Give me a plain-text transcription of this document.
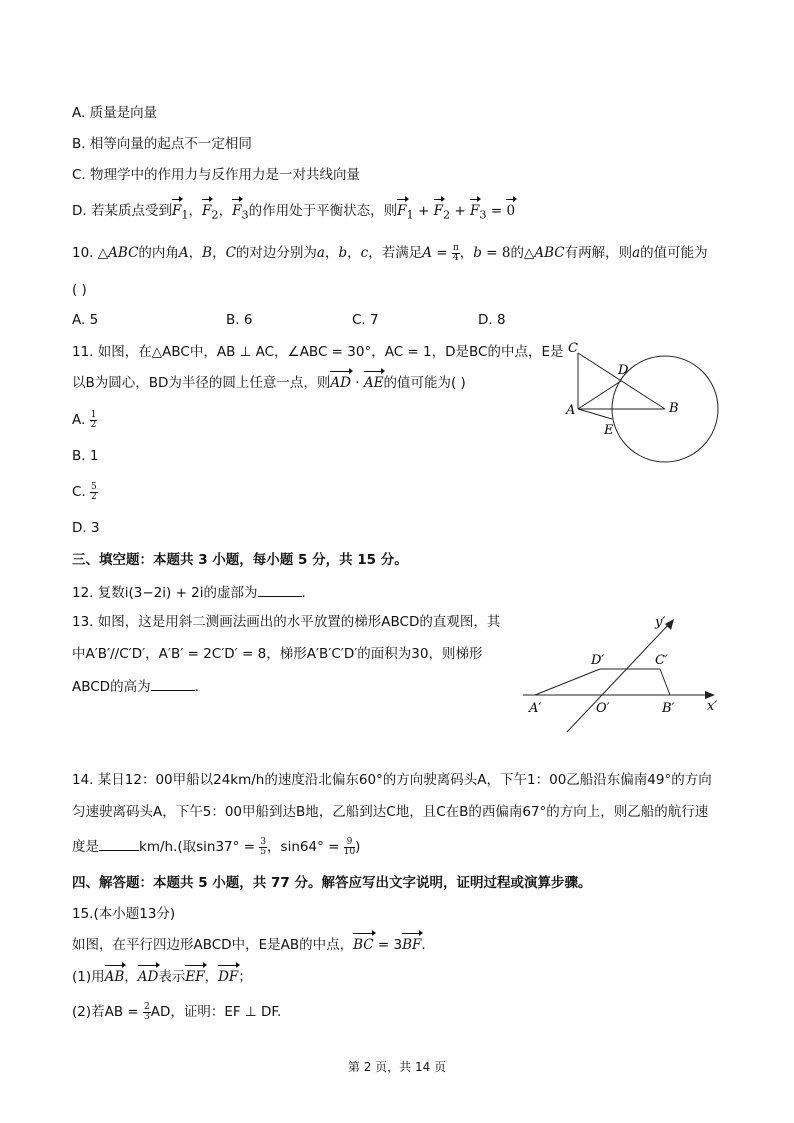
A. 质量是向量
B. 相等向量的起点不一定相同
C. 物理学中的作用力与反作用力是一对共线向量
D. 若某质点受到$F_1$，$F_2$，$F_3$的作用处于平衡状态，则$F_1 + F_2 + F_3 = 0$
10. △ABC的内角A，B，C的对边分别为a，b，c，若满足$A = \frac{\pi}{4}$ ，b = 8的△ABC有两解，则a的值可能为
( )
A. 5	B. 6	C. 7	D. 8
11. 如图，在△ABC中，AB ⊥ AC，∠ABC = 30°，AC = 1，D是BC的中点，E是
以B为圆心，BD为半径的圆上任意一点，则AD · AE的值可能为( )
A. $\frac{1}{2}$
B. 1
C. $\frac{5}{2}$
D. 3
C
D
A	B
E
三、填空题：本题共 3 小题，每小题 5 分，共 15 分。
12. 复数i(3−2i) + 2i的虚部为	.
13. 如图，这是用斜二测画法画出的水平放置的梯形ABCD的直观图，其
中A′B′//C′D′，A′B′ = 2C′D′ = 8，梯形A′B′C′D′的面积为30，则梯形
ABCD的高为	.
y′
D′	C′
A′	O′	B′ x′
14. 某日12：00甲船以24km/h的速度沿北偏东60°的方向驶离码头A，下午1：00乙船沿东偏南49°的方向
匀速驶离码头A，下午5：00甲船到达B地，乙船到达C地，且C在B的西偏南67°的方向上，则乙船的航行速
度是	km/h.(取$\sin 37^\circ = \frac{3}{5}$ ，$\sin 64^\circ = \frac{9}{10}$ )
四、解答题：本题共 5 小题，共 77 分。解答应写出文字说明，证明过程或演算步骤。
15.(本小题13分)
如图，在平行四边形ABCD中，E是AB的中点，BC = 3BF.
(1)用AB，AD表示EF，DF；
(2)若AB = $\frac{2}{3}$ AD，证明：EF ⊥ DF.
第 2 页，共 14 页
